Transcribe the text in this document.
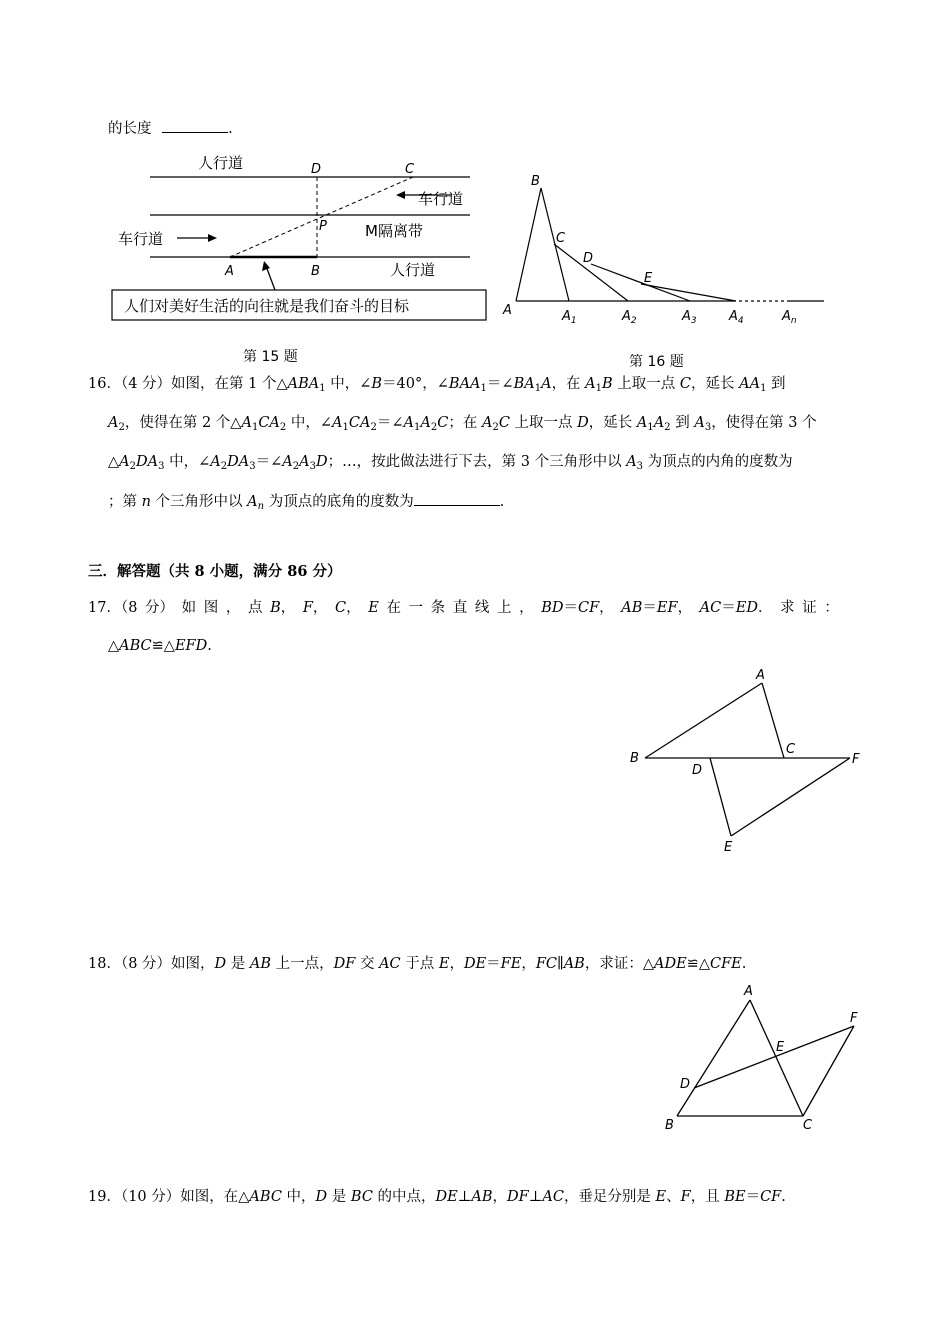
的长度	.
人行道	D	C
车行道
P	M隔离带
车行道
A	B	人行道
人们对美好生活的向往就是我们奋斗的目标
第 15 题
B
C
D
E
A	$A_1$	$A_2$	$A_3$ $A_4$	$A_n$
第 16 题
16．（4 分）如图，在第 1 个$\triangle ABA_1$ 中，∠B＝40°，$\angle BAA_1=\angle BA_1A$，在 $A_1B$ 上取一点 C，延长 $AA_1$ 到
$A_2$，使得在第 2 个$\triangle A_1CA_2$ 中，$\angle A_1CA_2=\angle A_1A_2C$；在 $A_2C$ 上取一点 D，延长 $A_1A_2$ 到 $A_3$，使得在第 3 个
$\triangle A_2DA_3$ 中，$\angle A_2DA_3=\angle A_2A_3D$；…，按此做法进行下去，第 3 个三角形中以 $A_3$ 为顶点的内角的度数为
；第 n 个三角形中以 $A_n$ 为顶点的底角的度数为	.
三．解答题（共 8 小题，满分 86 分）
17．（8 分） 如 图 ， 点 B， F， C， E 在 一 条 直 线 上 ， BD＝CF， AB＝EF， AC＝ED． 求 证 ：
△ABC≌△EFD.
A
B
C
D
F
E
18．（8 分）如图，D 是 AB 上一点，DF 交 AC 于点 E，DE＝FE，FC∥AB，求证：△ADE≌△CFE.
A
F
E
D
B	C
19．（10 分）如图，在△ABC 中，D 是 BC 的中点，DE⊥AB，DF⊥AC，垂足分别是 E、F，且 BE＝CF.
